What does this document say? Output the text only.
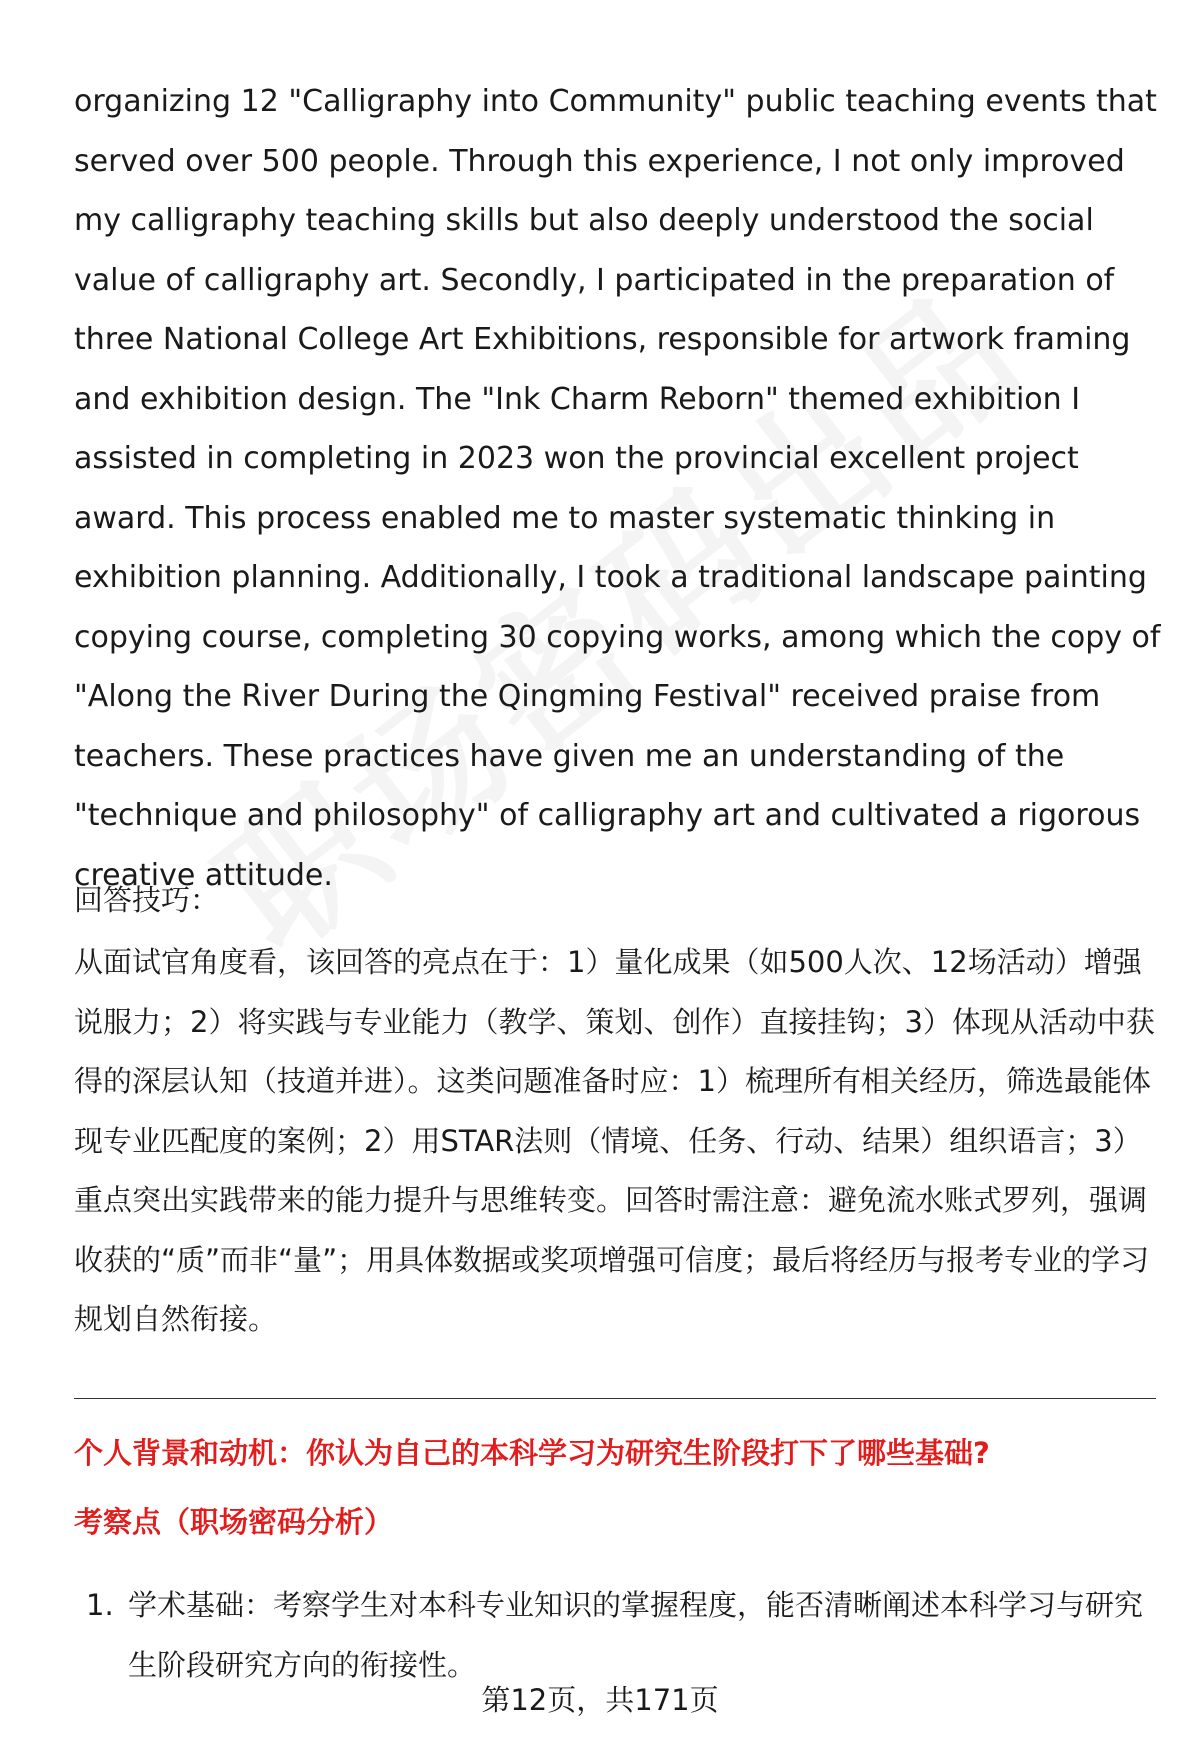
organizing 12 "Calligraphy into Community" public teaching events that served over 500 people. Through this experience, I not only improved my calligraphy teaching skills but also deeply understood the social value of calligraphy art. Secondly, I participated in the preparation of three National College Art Exhibitions, responsible for artwork framing and exhibition design. The "Ink Charm Reborn" themed exhibition I assisted in completing in 2023 won the provincial excellent project award. This process enabled me to master systematic thinking in exhibition planning. Additionally, I took a traditional landscape painting copying course, completing 30 copying works, among which the copy of "Along the River During the Qingming Festival" received praise from teachers. These practices have given me an understanding of the "technique and philosophy" of calligraphy art and cultivated a rigorous creative attitude.

回答技巧：

从面试官角度看，该回答的亮点在于：1）量化成果（如500人次、12场活动）增强说服力；2）将实践与专业能力（教学、策划、创作）直接挂钩；3）体现从活动中获得的深层认知（技道并进）。这类问题准备时应：1）梳理所有相关经历，筛选最能体现专业匹配度的案例；2）用STAR法则（情境、任务、行动、结果）组织语言；3）重点突出实践带来的能力提升与思维转变。回答时需注意：避免流水账式罗列，强调收获的“质”而非“量”；用具体数据或奖项增强可信度；最后将经历与报考专业的学习规划自然衔接。

个人背景和动机：你认为自己的本科学习为研究生阶段打下了哪些基础?

考察点（职场密码分析）

1. 学术基础：考察学生对本科专业知识的掌握程度，能否清晰阐述本科学习与研究生阶段研究方向的衔接性。
第12页，共171页
